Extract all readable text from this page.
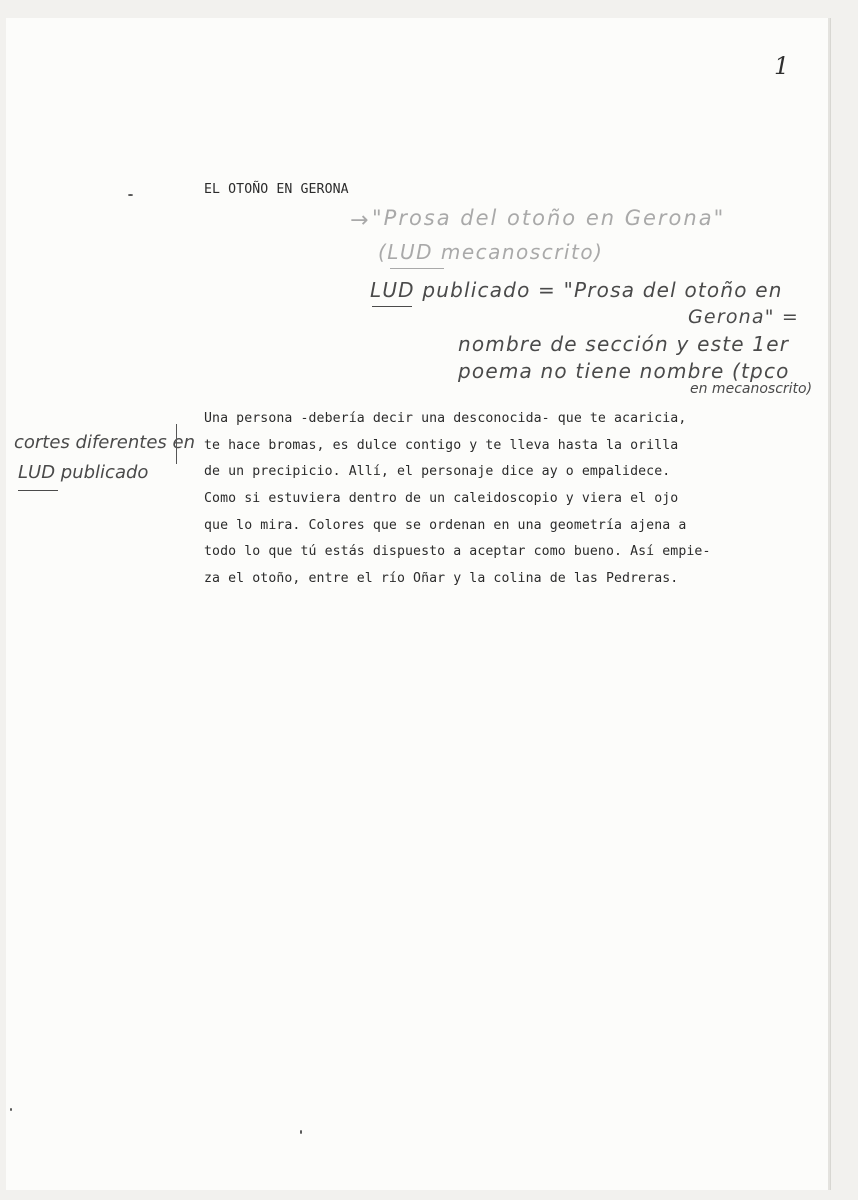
1
EL OTOÑO EN GERONA
→ "Prosa del otoño en Gerona"
(LUD mecanoscrito)
LUD publicado = "Prosa del otoño en
Gerona" =
nombre de sección y este 1er
poema no tiene nombre (tpco
en mecanoscrito)
cortes diferentes en
LUD publicado
Una persona -debería decir una desconocida- que te acaricia,
te hace bromas, es dulce contigo y te lleva hasta la orilla
de un precipicio. Allí, el personaje dice ay o empalidece.
Como si estuviera dentro de un caleidoscopio y viera el ojo
que lo mira. Colores que se ordenan en una geometría ajena a
todo lo que tú estás dispuesto a aceptar como bueno. Así empie-
za el otoño, entre el río Oñar y la colina de las Pedreras.
